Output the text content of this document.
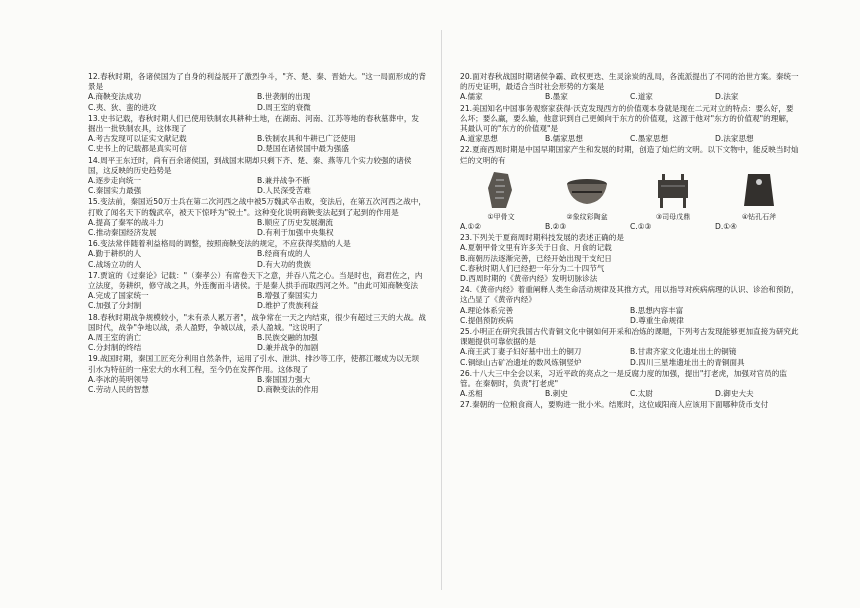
12.春秋时期，各诸侯国为了自身的利益展开了激烈争斗，"齐、楚、秦、晋始大。"这一局面形成的背景是

A.商鞅变法成功	B.世袭制的出现
C.夷、狄、蛮的进攻	D.周王室的衰微

13.史书记载，春秋时期人们已使用铁制农具耕种土地，在湖南、河南、江苏等地的春秋墓葬中，发掘出一批铁制农具，这体现了

A.考古发现可以证实文献记载	B.铁制农具和牛耕已广泛使用
C.史书上的记载都是真实可信	D.楚国在诸侯国中最为强盛

14.周平王东迁时，尚有百余诸侯国，到战国末期却只剩下齐、楚、秦、燕等几个实力较强的诸侯国，这反映的历史趋势是

A.逐步走向统一	B.兼并战争不断
C.秦国实力最强	D.人民深受苦难

15.变法前，秦国近50万士兵在第二次河西之战中被5万魏武卒击败，变法后，在第五次河西之战中，打败了闻名天下的魏武卒，被天下惊呼为"锐士"。这种变化说明商鞅变法起到了起到的作用是

A.提高了秦军的战斗力	B.顺应了历史发展潮流
C.推动秦国经济发展	D.有利于加强中央集权

16.变法常伴随着利益格局的调整，按照商鞅变法的规定，不应获得奖励的人是

A.勤于耕织的人	B.经商有成的人
C.战场立功的人	D.有大功的贵族

17.贾谊的《过秦论》记载："（秦孝公）有席卷天下之意，并吞八荒之心。当是时也，商君佐之，内立法度，务耕织，修守战之具，外连衡而斗诸侯。于是秦人拱手而取西河之外。"由此可知商鞅变法

A.完成了国家统一	B.增强了秦国实力
C.加强了分封制	D.维护了贵族利益

18.春秋时期战争规模较小，"未有杀人累万者"，战争常在一天之内结束，很少有超过三天的大战。战国时代，战争"争地以战，杀人盈野，争城以战，杀人盈城。"这说明了

A.周王室的消亡	B.民族交融的加强
C.分封制的终结	D.兼并战争的加剧

19.战国时期，秦国工匠充分利用自然条件，运用了引水、泄洪、排沙等工序，使都江堰成为以无坝引水为特征的一座宏大的水利工程，至今仍在发挥作用。这体现了

A.李冰的英明领导	B.秦国国力强大
C.劳动人民的智慧	D.商鞅变法的作用

20.面对春秋战国时期诸侯争霸、政权更迭、生灵涂炭的乱局，各流派提出了不同的治世方案。秦统一的历史证明，最适合当时社会形势的方案是

A.儒家	B.墨家	C.道家	D.法家

21.美国知名中国事务观察家获得·沃克发现西方的价值观本身就是现在二元对立的特点：要么好，要么坏；要么赢，要么输，他意识到自己更倾向于东方的价值观，这源于他对"东方的价值观"的理解，其最认可的"东方的价值观"是

A.道家思想	B.儒家思想	C.墨家思想	D.法家思想

22.夏商西周时期是中国早期国家产生和发展的时期，创造了灿烂的文明。以下文物中，能反映当时灿烂的文明的有

①甲骨文	②象纹彩陶盆	③司母戊鼎	④钻孔石斧
A.①②	B.②③	C.①③	D.①④

23.下列关于夏商周时期科技发展的表述正确的是

A.夏朝甲骨文里有许多关于日食、月食的记载
B.商朝历法逐渐完善，已经开始出现干支纪日
C.春秋时期人们已经把一年分为二十四节气
D.西周时期的《黄帝内经》发明切脉诊法

24.《黄帝内经》着重阐释人类生命活动规律及其推方式，用以指导对疾病病理的认识、诊治和预防，这凸显了《黄帝内经》

A.理论体系完善	B.思想内容丰富
C.提倡预防疾病	D.尊重生命规律

25.小明正在研究我国古代青铜文化中铜如何开采和冶炼的课题，下列考古发现能够更加直接为研究此课题提供可靠依据的是

A.商王武丁妻子妇好墓中出土的铜刀	B.甘肃齐家文化遗址出土的铜镜
C.铜绿山古矿冶遗址的数风炼铜竖炉	D.四川三星堆遗址出土的青铜面具

26.十八大三中全会以来，习近平政的亮点之一是反腐力度的加强，提出"打老虎，加强对官员的监管。在秦朝时，负责"打老虎"

A.丞相	B.刺史	C.太尉	D.御史大夫

27.秦朝的一位粮食商人，要购进一批小米。结账时，这位咸阳商人应该用下面哪种货币支付
